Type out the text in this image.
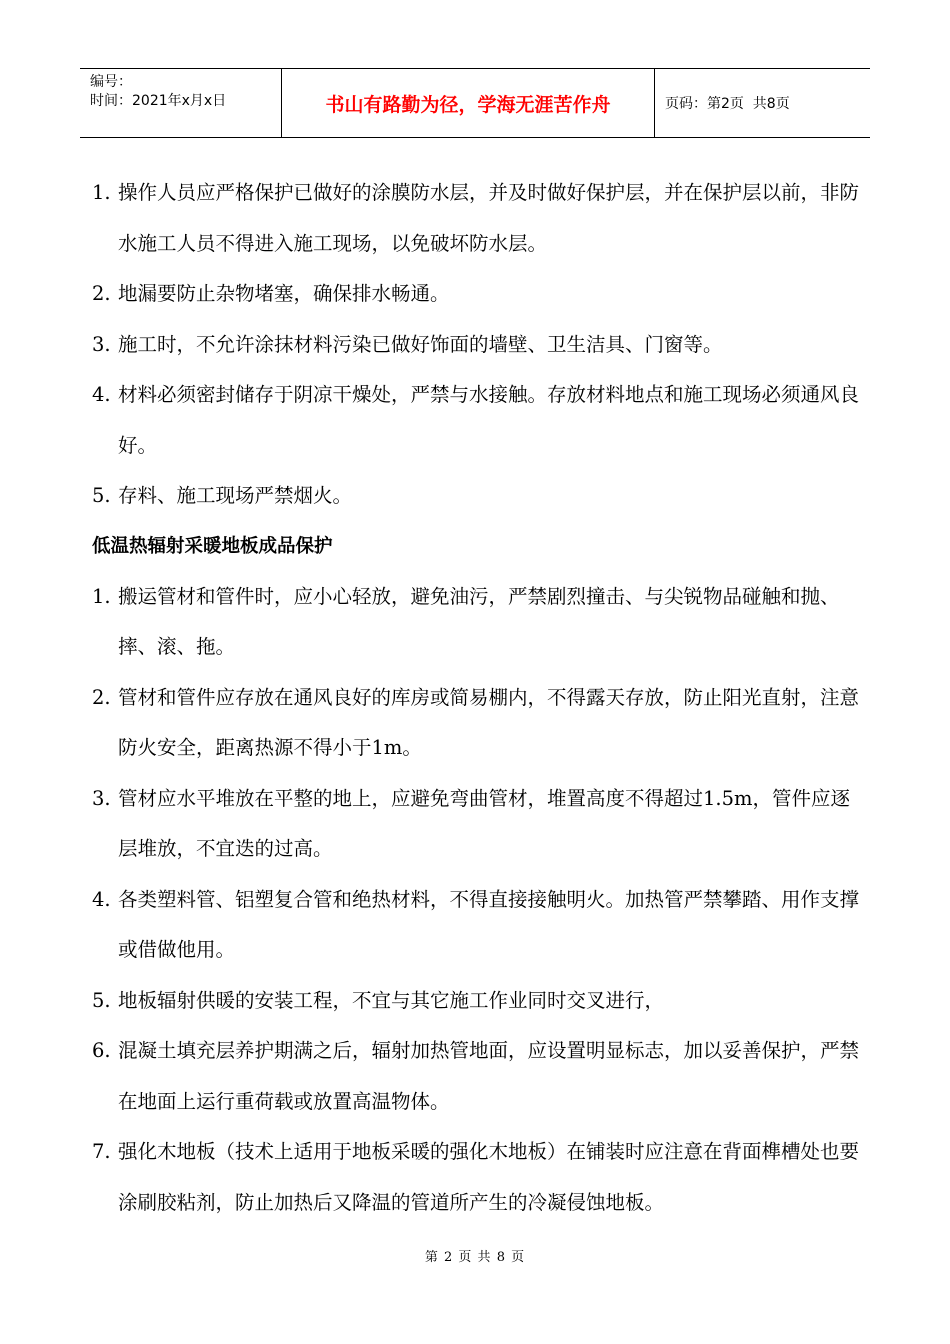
编号：
时间：2021年x月x日	书山有路勤为径，学海无涯苦作舟	页码：第2页  共8页
1. 操作人员应严格保护已做好的涂膜防水层，并及时做好保护层，并在保护层以前，非防水施工人员不得进入施工现场，以免破坏防水层。
2. 地漏要防止杂物堵塞，确保排水畅通。
3. 施工时，不允许涂抹材料污染已做好饰面的墙壁、卫生洁具、门窗等。
4. 材料必须密封储存于阴凉干燥处，严禁与水接触。存放材料地点和施工现场必须通风良好。
5. 存料、施工现场严禁烟火。
低温热辐射采暖地板成品保护
1. 搬运管材和管件时，应小心轻放，避免油污，严禁剧烈撞击、与尖锐物品碰触和抛、摔、滚、拖。
2. 管材和管件应存放在通风良好的库房或简易棚内，不得露天存放，防止阳光直射，注意防火安全，距离热源不得小于1m。
3. 管材应水平堆放在平整的地上，应避免弯曲管材，堆置高度不得超过1.5m，管件应逐层堆放，不宜迭的过高。
4. 各类塑料管、铝塑复合管和绝热材料，不得直接接触明火。加热管严禁攀踏、用作支撑或借做他用。
5. 地板辐射供暖的安装工程，不宜与其它施工作业同时交叉进行，
6. 混凝土填充层养护期满之后，辐射加热管地面，应设置明显标志，加以妥善保护，严禁在地面上运行重荷载或放置高温物体。
7. 强化木地板（技术上适用于地板采暖的强化木地板）在铺装时应注意在背面榫槽处也要涂刷胶粘剂，防止加热后又降温的管道所产生的冷凝侵蚀地板。
第 2 页 共 8 页
